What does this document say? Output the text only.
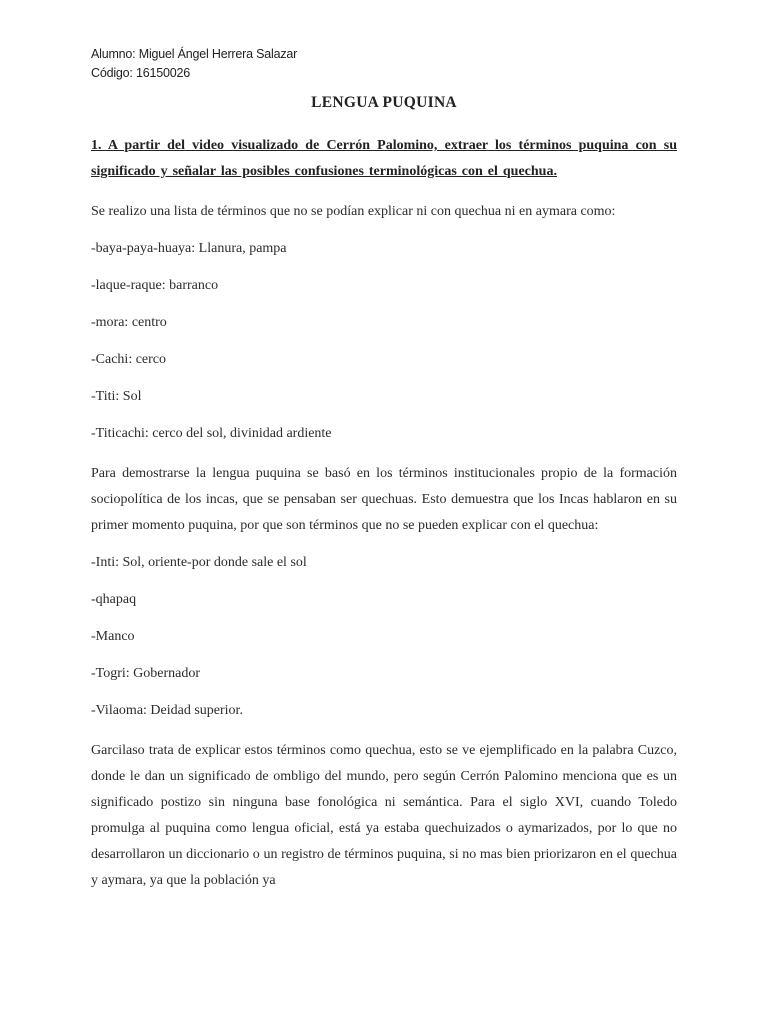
Alumno: Miguel Ángel Herrera Salazar
Código: 16150026
LENGUA PUQUINA

1. A partir del video visualizado de Cerrón Palomino, extraer los términos puquina con su significado y señalar las posibles confusiones terminológicas con el quechua.

Se realizo una lista de términos que no se podían explicar ni con quechua ni en aymara como:

-baya-paya-huaya: Llanura, pampa

-laque-raque: barranco

-mora: centro

-Cachi: cerco

-Titi: Sol

-Titicachi: cerco del sol, divinidad ardiente

Para demostrarse la lengua puquina se basó en los términos institucionales propio de la formación sociopolítica de los incas, que se pensaban ser quechuas. Esto demuestra que los Incas hablaron en su primer momento puquina, por que son términos que no se pueden explicar con el quechua:

-Inti: Sol, oriente-por donde sale el sol

-qhapaq

-Manco

-Togri: Gobernador

-Vilaoma: Deidad superior.

Garcilaso trata de explicar estos términos como quechua, esto se ve ejemplificado en la palabra Cuzco, donde le dan un significado de ombligo del mundo, pero según Cerrón Palomino menciona que es un significado postizo sin ninguna base fonológica ni semántica. Para el siglo XVI, cuando Toledo promulga al puquina como lengua oficial, está ya estaba quechuizados o aymarizados, por lo que no desarrollaron un diccionario o un registro de términos puquina, si no mas bien priorizaron en el quechua y aymara, ya que la población ya
